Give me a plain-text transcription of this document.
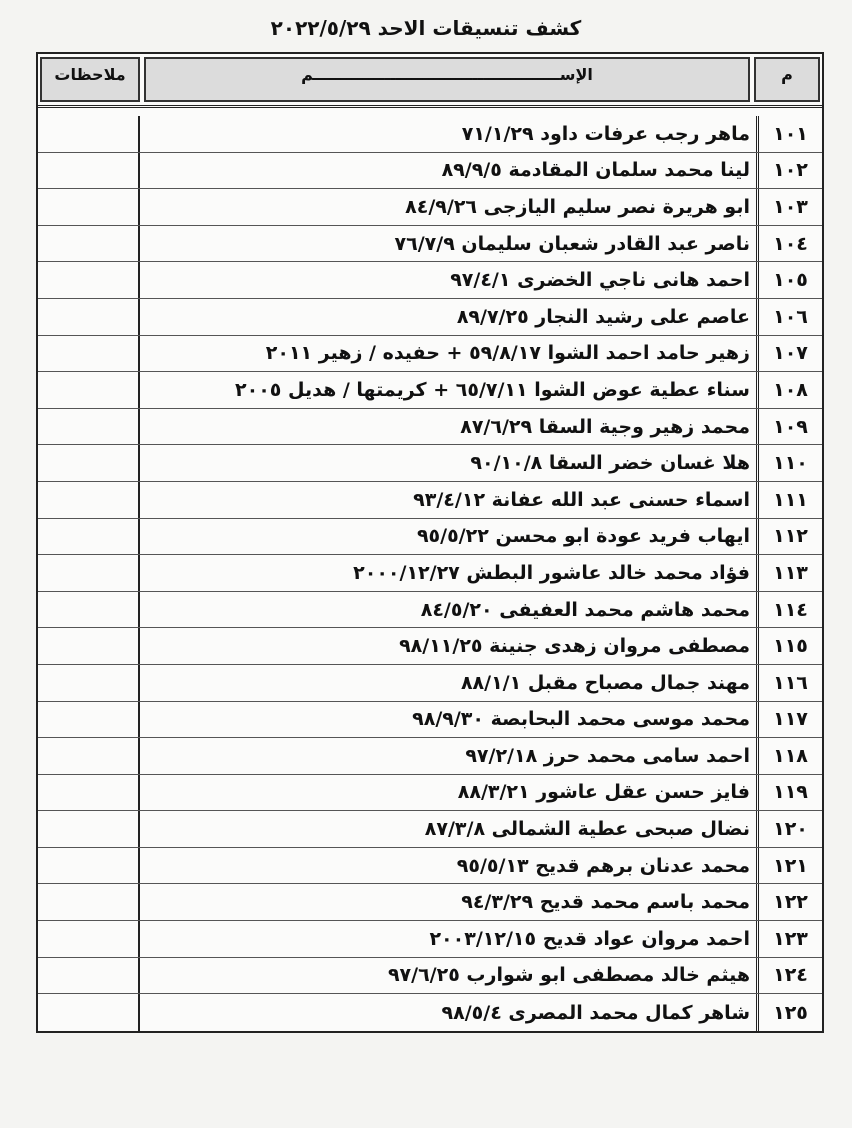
كشف تنسيقات الاحد ٢٠٢٢/٥/٢٩
م
الإســـــــــــــــــــــــــــــــــــــــــــــم
ملاحظات
١٠١
ماهر رجب عرفات داود ٧١/١/٢٩
١٠٢
لينا محمد سلمان المقادمة ٨٩/٩/٥
١٠٣
ابو هريرة نصر سليم اليازجى ٨٤/٩/٢٦
١٠٤
ناصر عبد القادر شعبان سليمان ٧٦/٧/٩
١٠٥
احمد هانى ناجي الخضرى ٩٧/٤/١
١٠٦
عاصم على رشيد النجار ٨٩/٧/٢٥
١٠٧
زهير حامد احمد الشوا ٥٩/٨/١٧ + حفيده / زهير ٢٠١١
١٠٨
سناء عطية عوض الشوا ٦٥/٧/١١ + كريمتها / هديل ٢٠٠٥
١٠٩
محمد زهير وجية السقا ٨٧/٦/٢٩
١١٠
هلا غسان خضر السقا ٩٠/١٠/٨
١١١
اسماء حسنى عبد الله عفانة ٩٣/٤/١٢
١١٢
ايهاب فريد عودة ابو محسن ٩٥/٥/٢٢
١١٣
فؤاد محمد خالد عاشور البطش ٢٠٠٠/١٢/٢٧
١١٤
محمد هاشم محمد العفيفى ٨٤/٥/٢٠
١١٥
مصطفى مروان زهدى جنينة ٩٨/١١/٢٥
١١٦
مهند جمال مصباح مقبل ٨٨/١/١
١١٧
محمد موسى محمد البحابصة ٩٨/٩/٣٠
١١٨
احمد سامى محمد حرز ٩٧/٢/١٨
١١٩
فايز حسن عقل عاشور ٨٨/٣/٢١
١٢٠
نضال صبحى عطية الشمالى ٨٧/٣/٨
١٢١
محمد عدنان برهم قديح ٩٥/٥/١٣
١٢٢
محمد باسم محمد قديح ٩٤/٣/٢٩
١٢٣
احمد مروان عواد قديح ٢٠٠٣/١٢/١٥
١٢٤
هيثم خالد مصطفى ابو شوارب ٩٧/٦/٢٥
١٢٥
شاهر كمال محمد المصرى ٩٨/٥/٤
